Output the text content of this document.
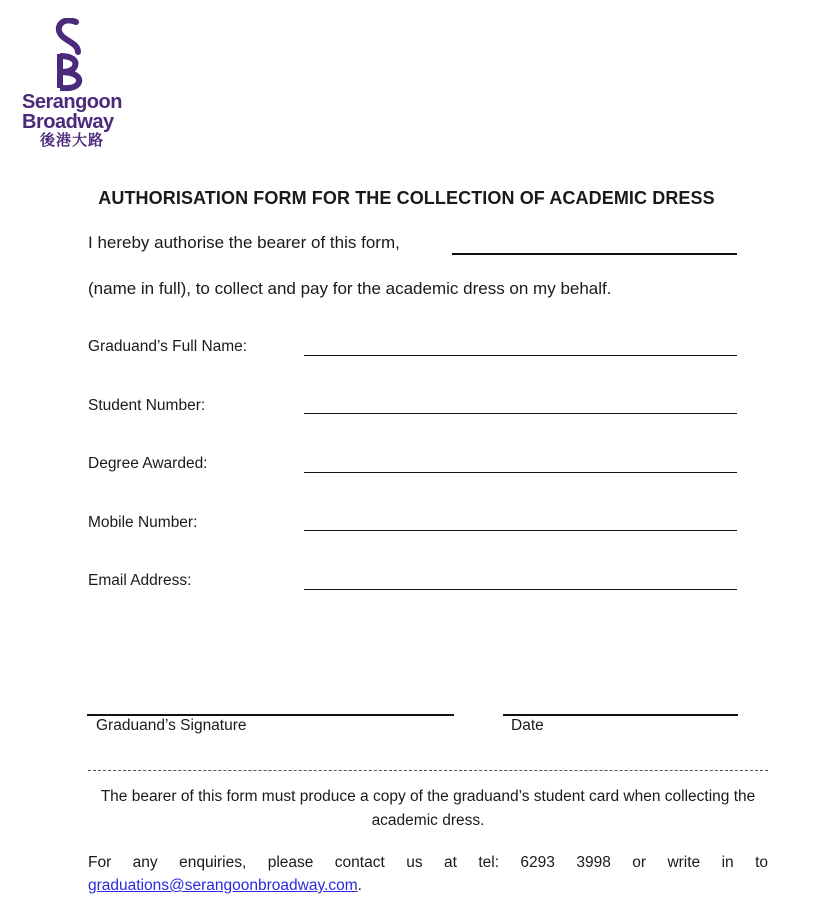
Serangoon
Broadway
後港大路
AUTHORISATION FORM FOR THE COLLECTION OF ACADEMIC DRESS
I hereby authorise the bearer of this form,
(name in full), to collect and pay for the academic dress on my behalf.
Graduand’s Full Name:
Student Number:
Degree Awarded:
Mobile Number:
Email Address:
Graduand’s Signature	Date
The bearer of this form must produce a copy of the graduand’s student card when collecting the academic dress.
For any enquiries, please contact us at tel: 6293 3998 or write in to
graduations@serangoonbroadway.com.
